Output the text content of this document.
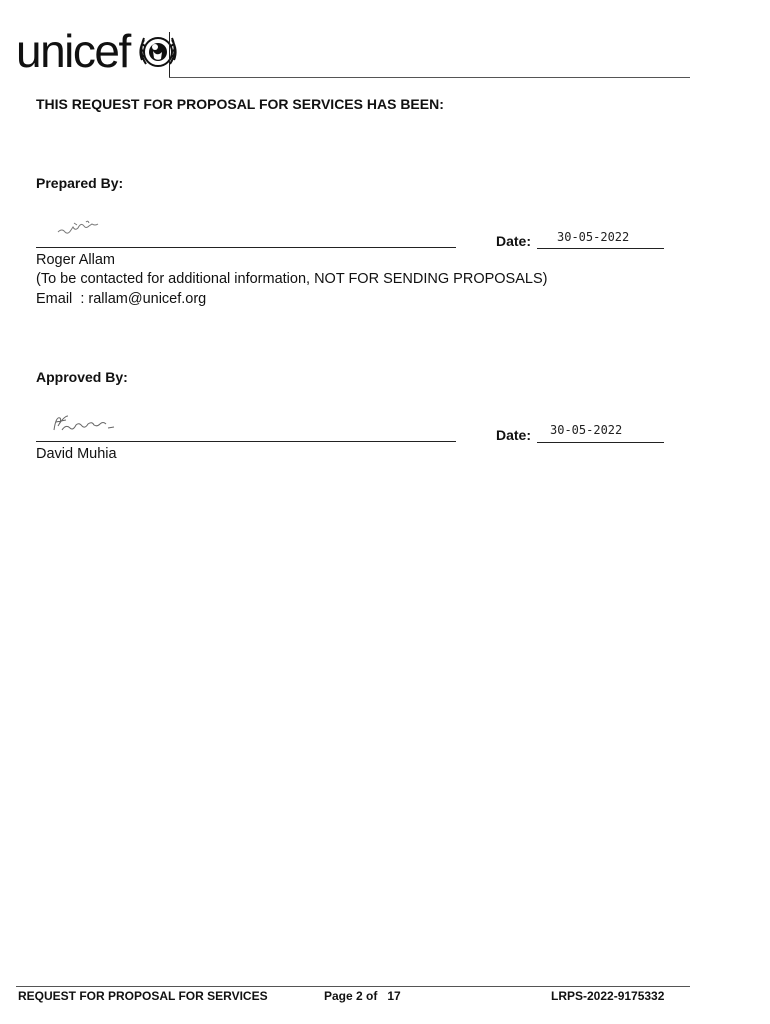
unicef
THIS REQUEST FOR PROPOSAL FOR SERVICES HAS BEEN:
Prepared By:
Date: 30-05-2022
Roger Allam
(To be contacted for additional information, NOT FOR SENDING PROPOSALS)
Email  : rallam@unicef.org
Approved By:
Date: 30-05-2022
David Muhia
REQUEST FOR PROPOSAL FOR SERVICES	Page 2 of   17	LRPS-2022-9175332
